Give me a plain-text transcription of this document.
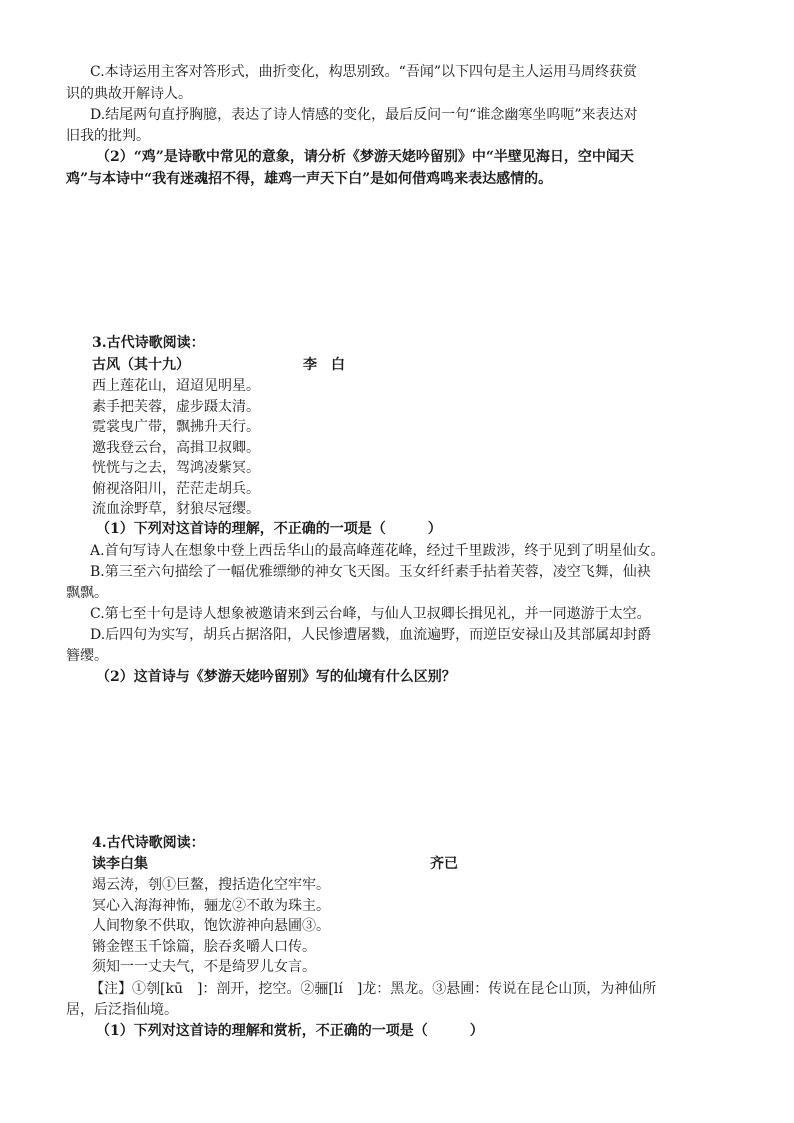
C.本诗运用主客对答形式，曲折变化，构思别致。“吾闻”以下四句是主人运用马周终获赏
识的典故开解诗人。
D.结尾两句直抒胸臆，表达了诗人情感的变化，最后反问一句“谁念幽寒坐呜呃”来表达对
旧我的批判。
（2）“鸡”是诗歌中常见的意象，请分析《梦游天姥吟留别》中“半壁见海日，空中闻天
鸡”与本诗中“我有迷魂招不得，雄鸡一声天下白”是如何借鸡鸣来表达感情的。
3.古代诗歌阅读：
古风（其十九）	李　白
西上莲花山，迢迢见明星。
素手把芙蓉，虚步蹑太清。
霓裳曳广带，飘拂升天行。
邀我登云台，高揖卫叔卿。
恍恍与之去，驾鸿凌紫冥。
俯视洛阳川，茫茫走胡兵。
流血涂野草，豺狼尽冠缨。
（1）下列对这首诗的理解，不正确的一项是（　　　）
A.首句写诗人在想象中登上西岳华山的最高峰莲花峰，经过千里跋涉，终于见到了明星仙女。
B.第三至六句描绘了一幅优雅缥缈的神女飞天图。玉女纤纤素手拈着芙蓉，凌空飞舞，仙袂
飘飘。
C.第七至十句是诗人想象被邀请来到云台峰，与仙人卫叔卿长揖见礼，并一同遨游于太空。
D.后四句为实写，胡兵占据洛阳，人民惨遭屠戮，血流遍野，而逆臣安禄山及其部属却封爵
簪缨。
（2）这首诗与《梦游天姥吟留别》写的仙境有什么区别？
4.古代诗歌阅读：
读李白集	齐已
竭云涛，刳①巨鳌，搜括造化空牢牢。
冥心入海海神怖，骊龙②不敢为珠主。
人间物象不供取，饱饮游神向悬圃③。
锵金铿玉千馀篇，脍吞炙嚼人口传。
须知一一丈夫气，不是绮罗儿女言。
【注】①刳[kū　]：剖开，挖空。②骊[lí　]龙：黑龙。③悬圃：传说在昆仑山顶，为神仙所
居，后泛指仙境。
（1）下列对这首诗的理解和赏析，不正确的一项是（　　　）
